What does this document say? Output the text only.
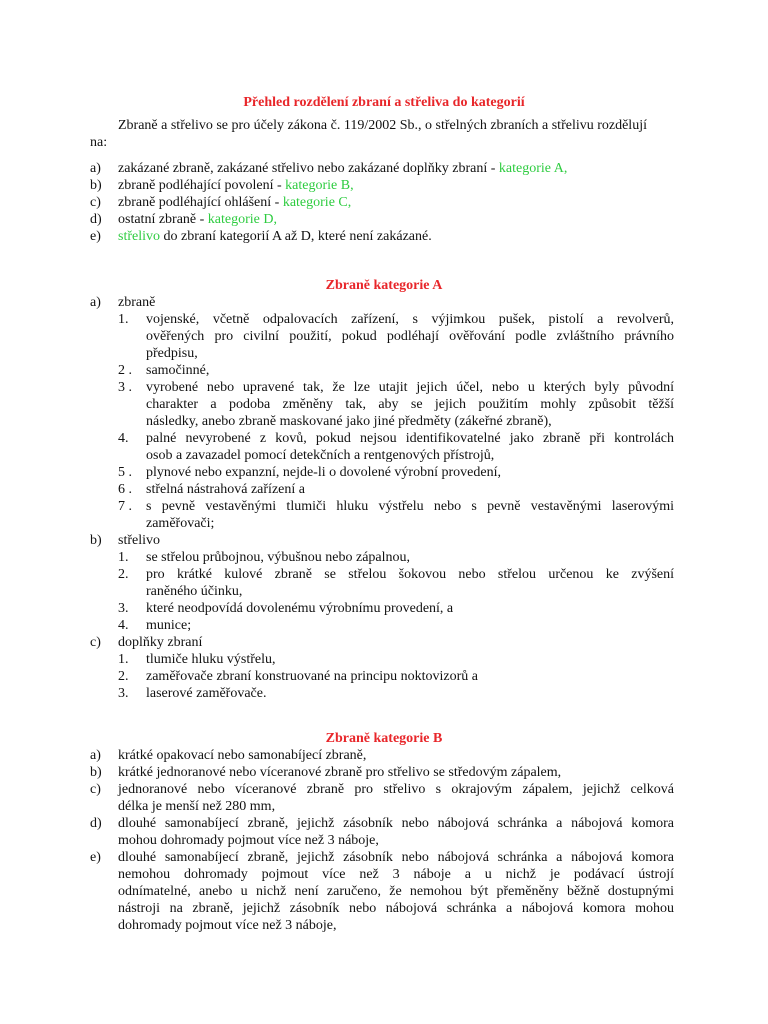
Přehled rozdělení zbraní a střeliva do kategorií
Zbraně a střelivo se pro účely zákona č. 119/2002 Sb., o střelných zbraních a střelivu rozdělují
na:
a) zakázané zbraně, zakázané střelivo nebo zakázané doplňky zbraní - kategorie A,
b) zbraně podléhající povolení - kategorie B,
c) zbraně podléhající ohlášení - kategorie C,
d) ostatní zbraně - kategorie D,
e) střelivo do zbraní kategorií A až D, které není zakázané.
Zbraně kategorie A
a) zbraně
1. vojenské, včetně odpalovacích zařízení, s výjimkou pušek, pistolí a revolverů,
ověřených pro civilní použití, pokud podléhají ověřování podle zvláštního právního
předpisu,
2 . samočinné,
3 . vyrobené nebo upravené tak, že lze utajit jejich účel, nebo u kterých byly původní
charakter a podoba změněny tak, aby se jejich použitím mohly způsobit těžší
následky, anebo zbraně maskované jako jiné předměty (zákeřné zbraně),
4. palné nevyrobené z kovů, pokud nejsou identifikovatelné jako zbraně při kontrolách
osob a zavazadel pomocí detekčních a rentgenových přístrojů,
5 . plynové nebo expanzní, nejde-li o dovolené výrobní provedení,
6 . střelná nástrahová zařízení a
7 . s pevně vestavěnými tlumiči hluku výstřelu nebo s pevně vestavěnými laserovými
zaměřovači;
b) střelivo
1. se střelou průbojnou, výbušnou nebo zápalnou,
2. pro krátké kulové zbraně se střelou šokovou nebo střelou určenou ke zvýšení
raněného účinku,
3. které neodpovídá dovolenému výrobnímu provedení, a
4. munice;
c) doplňky zbraní
1. tlumiče hluku výstřelu,
2. zaměřovače zbraní konstruované na principu noktovizorů a
3. laserové zaměřovače.
Zbraně kategorie B
a) krátké opakovací nebo samonabíjecí zbraně,
b) krátké jednoranové nebo víceranové zbraně pro střelivo se středovým zápalem,
c) jednoranové nebo víceranové zbraně pro střelivo s okrajovým zápalem, jejichž celková
délka je menší než 280 mm,
d) dlouhé samonabíjecí zbraně, jejichž zásobník nebo nábojová schránka a nábojová komora
mohou dohromady pojmout více než 3 náboje,
e) dlouhé samonabíjecí zbraně, jejichž zásobník nebo nábojová schránka a nábojová komora
nemohou dohromady pojmout více než 3 náboje a u nichž je podávací ústrojí
odnímatelné, anebo u nichž není zaručeno, že nemohou být přeměněny běžně dostupnými
nástroji na zbraně, jejichž zásobník nebo nábojová schránka a nábojová komora mohou
dohromady pojmout více než 3 náboje,
